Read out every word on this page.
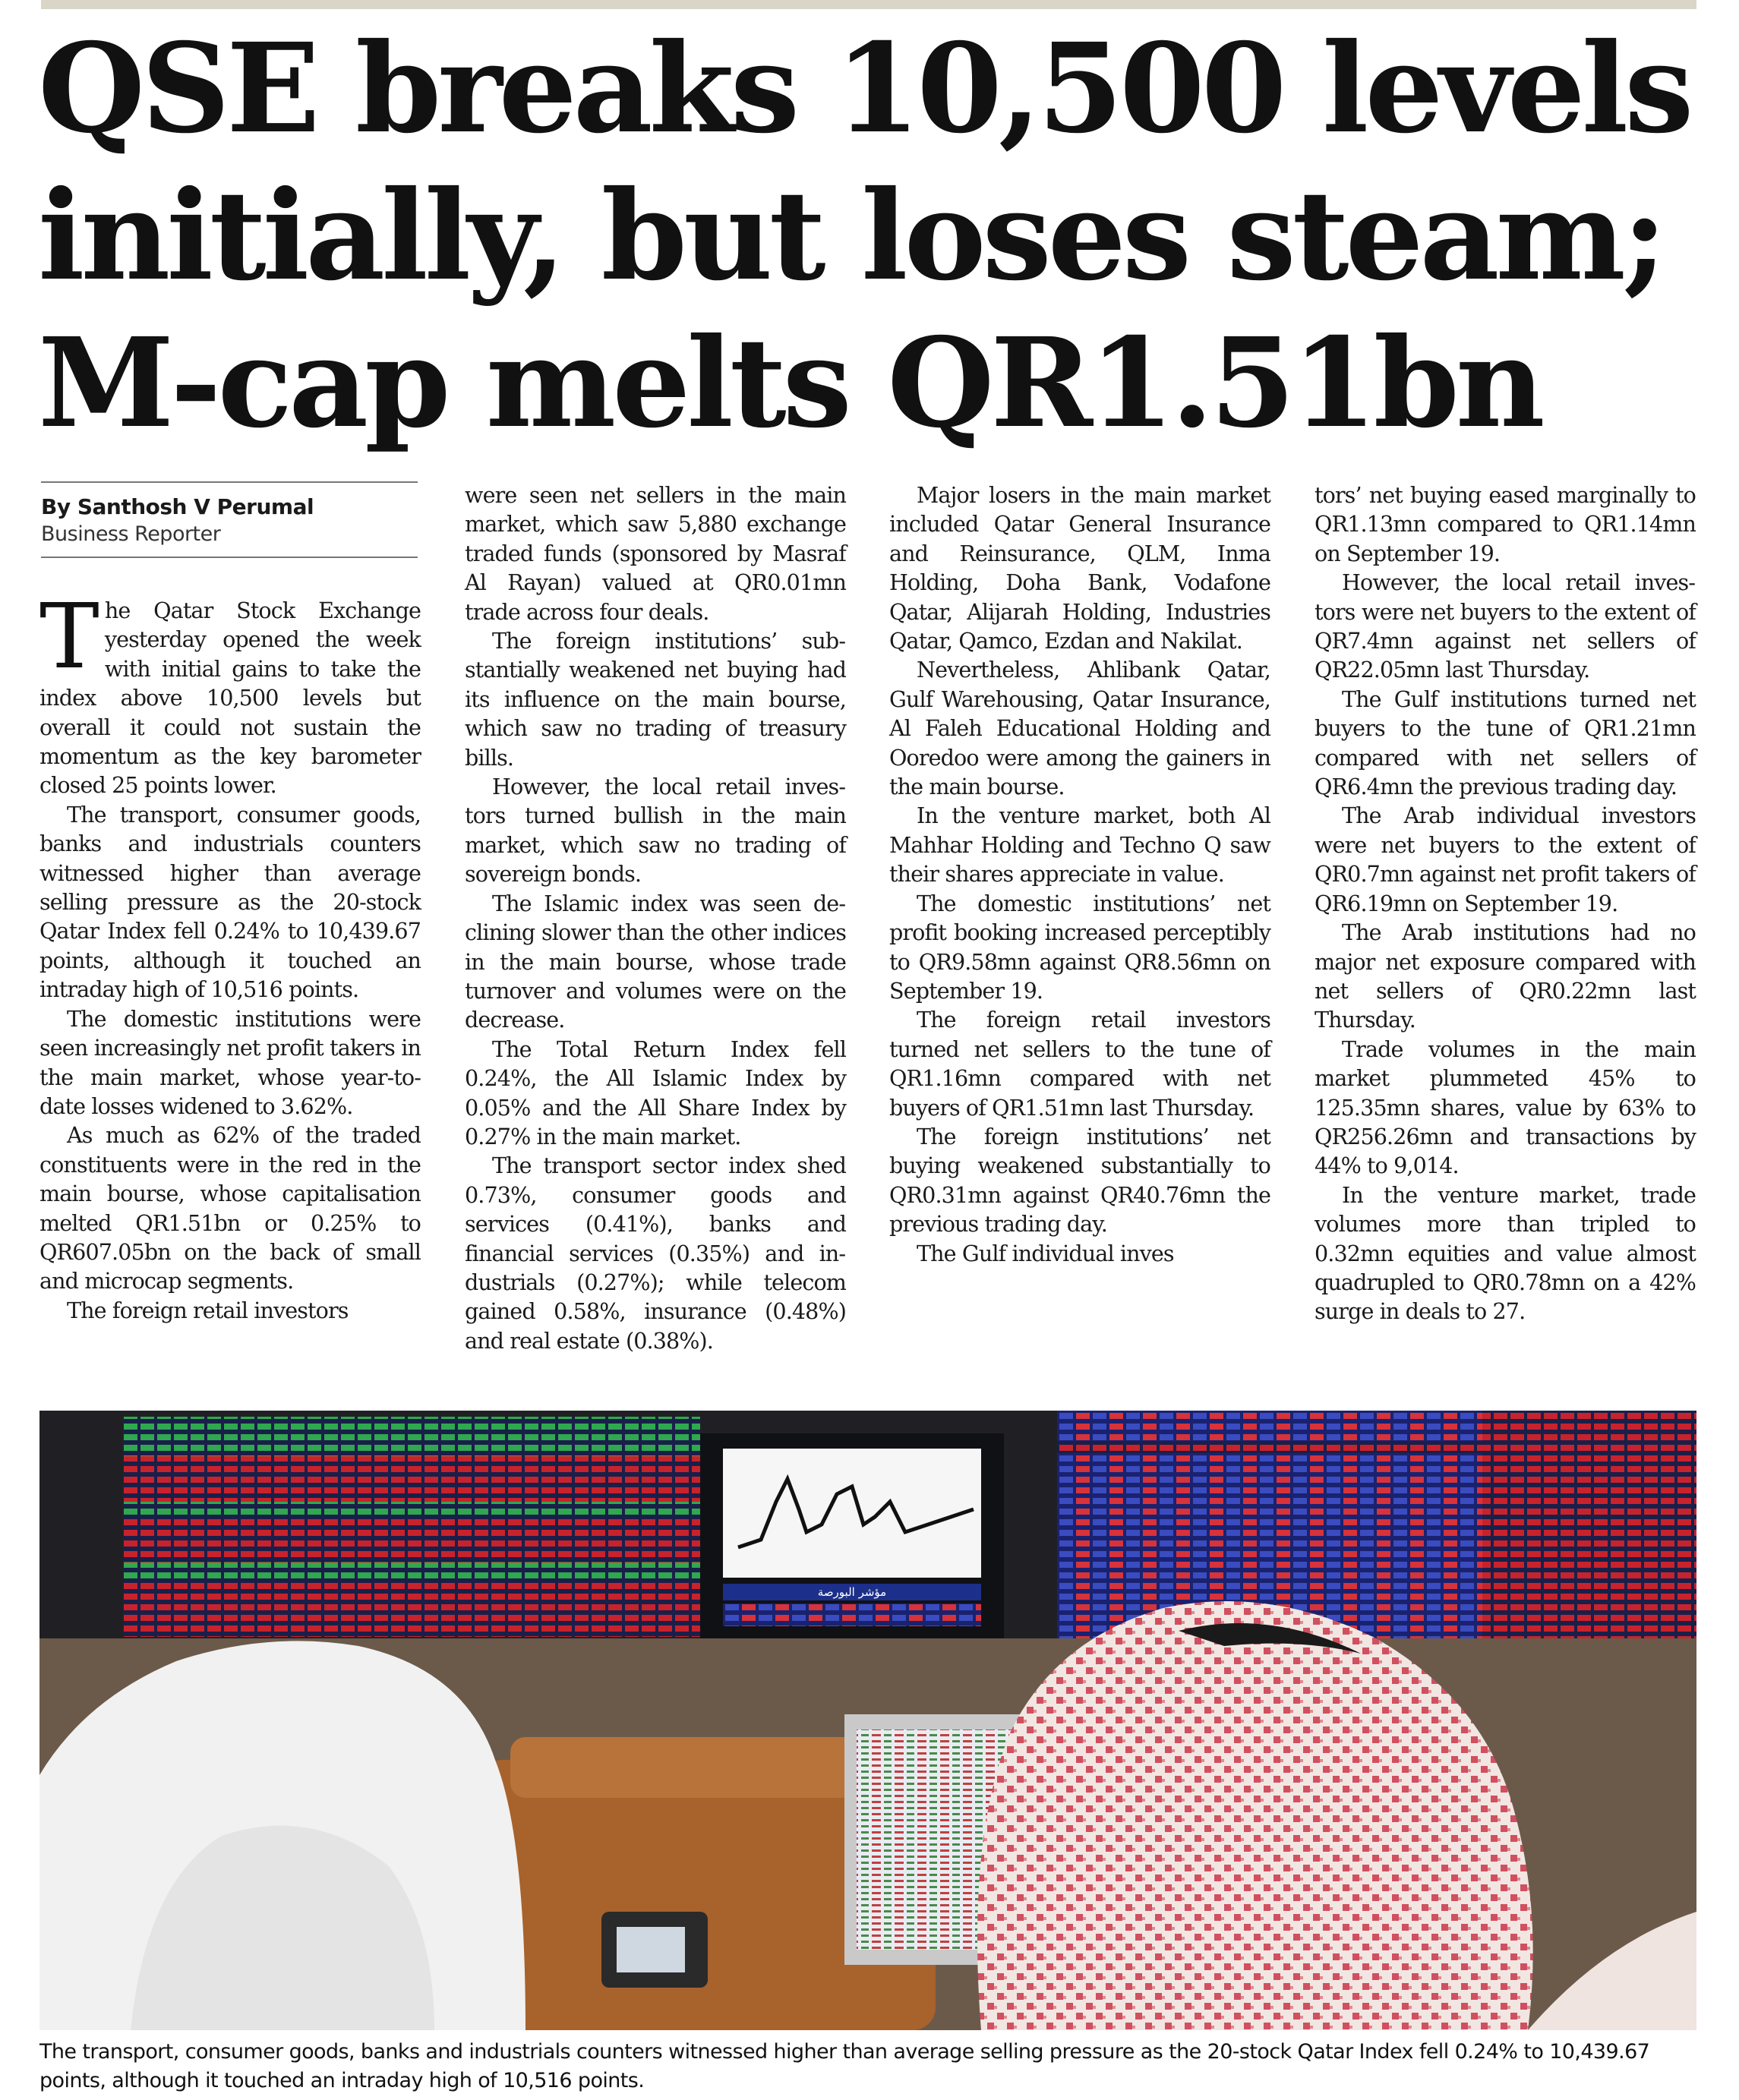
QSE breaks 10,500 levels
initially, but loses steam;
M-cap melts QR1.51bn
By Santhosh V Perumal
Business Reporter

The Qatar Stock Exchange yesterday opened the week with initial gains to take the index above 10,500 levels but overall it could not sustain the momentum as the key barometer closed 25 points lower.

The transport, consumer goods, banks and industrials counters witnessed higher than average selling pressure as the 20-stock Qatar Index fell 0.24% to 10,439.67 points, although it touched an intraday high of 10,516 points.

The domestic institutions were seen increasingly net profit takers in the main market, whose year-to-date losses widened to 3.62%.

As much as 62% of the traded constituents were in the red in the main bourse, whose capitalisation melted QR1.51bn or 0.25% to QR607.05bn on the back of small and microcap segments.

The foreign retail investors

were seen net sellers in the main market, which saw 5,880 exchange traded funds (sponsored by Masraf Al Rayan) valued at QR0.01mn trade across four deals.

The foreign institutions’ substantially weakened net buying had its influence on the main bourse, which saw no trading of treasury bills.

However, the local retail investors turned bullish in the main market, which saw no trading of sovereign bonds.

The Islamic index was seen declining slower than the other indices in the main bourse, whose trade turnover and volumes were on the decrease.

The Total Return Index fell 0.24%, the All Islamic Index by 0.05% and the All Share Index by 0.27% in the main market.

The transport sector index shed 0.73%, consumer goods and services (0.41%), banks and financial services (0.35%) and industrials (0.27%); while telecom gained 0.58%, insurance (0.48%) and real estate (0.38%).

Major losers in the main market included Qatar General Insurance and Reinsurance, QLM, Inma Holding, Doha Bank, Vodafone Qatar, Alijarah Holding, Industries Qatar, Qamco, Ezdan and Nakilat.

Nevertheless, Ahlibank Qatar, Gulf Warehousing, Qatar Insurance, Al Faleh Educational Holding and Ooredoo were among the gainers in the main bourse.

In the venture market, both Al Mahhar Holding and Techno Q saw their shares appreciate in value.

The domestic institutions’ net profit booking increased perceptibly to QR9.58mn against QR8.56mn on September 19.

The foreign retail investors turned net sellers to the tune of QR1.16mn compared with net buyers of QR1.51mn last Thursday.

The foreign institutions’ net buying weakened substantially to QR0.31mn against QR40.76mn the previous trading day.

The Gulf individual inves

tors’ net buying eased marginally to QR1.13mn compared to QR1.14mn on September 19.

However, the local retail investors were net buyers to the extent of QR7.4mn against net sellers of QR22.05mn last Thursday.

The Gulf institutions turned net buyers to the tune of QR1.21mn compared with net sellers of QR6.4mn the previous trading day.

The Arab individual investors were net buyers to the extent of QR0.7mn against net profit takers of QR6.19mn on September 19.

The Arab institutions had no major net exposure compared with net sellers of QR0.22mn last Thursday.

Trade volumes in the main market plummeted 45% to 125.35mn shares, value by 63% to QR256.26mn and transactions by 44% to 9,014.

In the venture market, trade volumes more than tripled to 0.32mn equities and value almost quadrupled to QR0.78mn on a 42% surge in deals to 27.

مؤشر البورصة
The transport, consumer goods, banks and industrials counters witnessed higher than average selling pressure as the 20-stock Qatar Index fell 0.24% to 10,439.67 points, although it touched an intraday high of 10,516 points.
